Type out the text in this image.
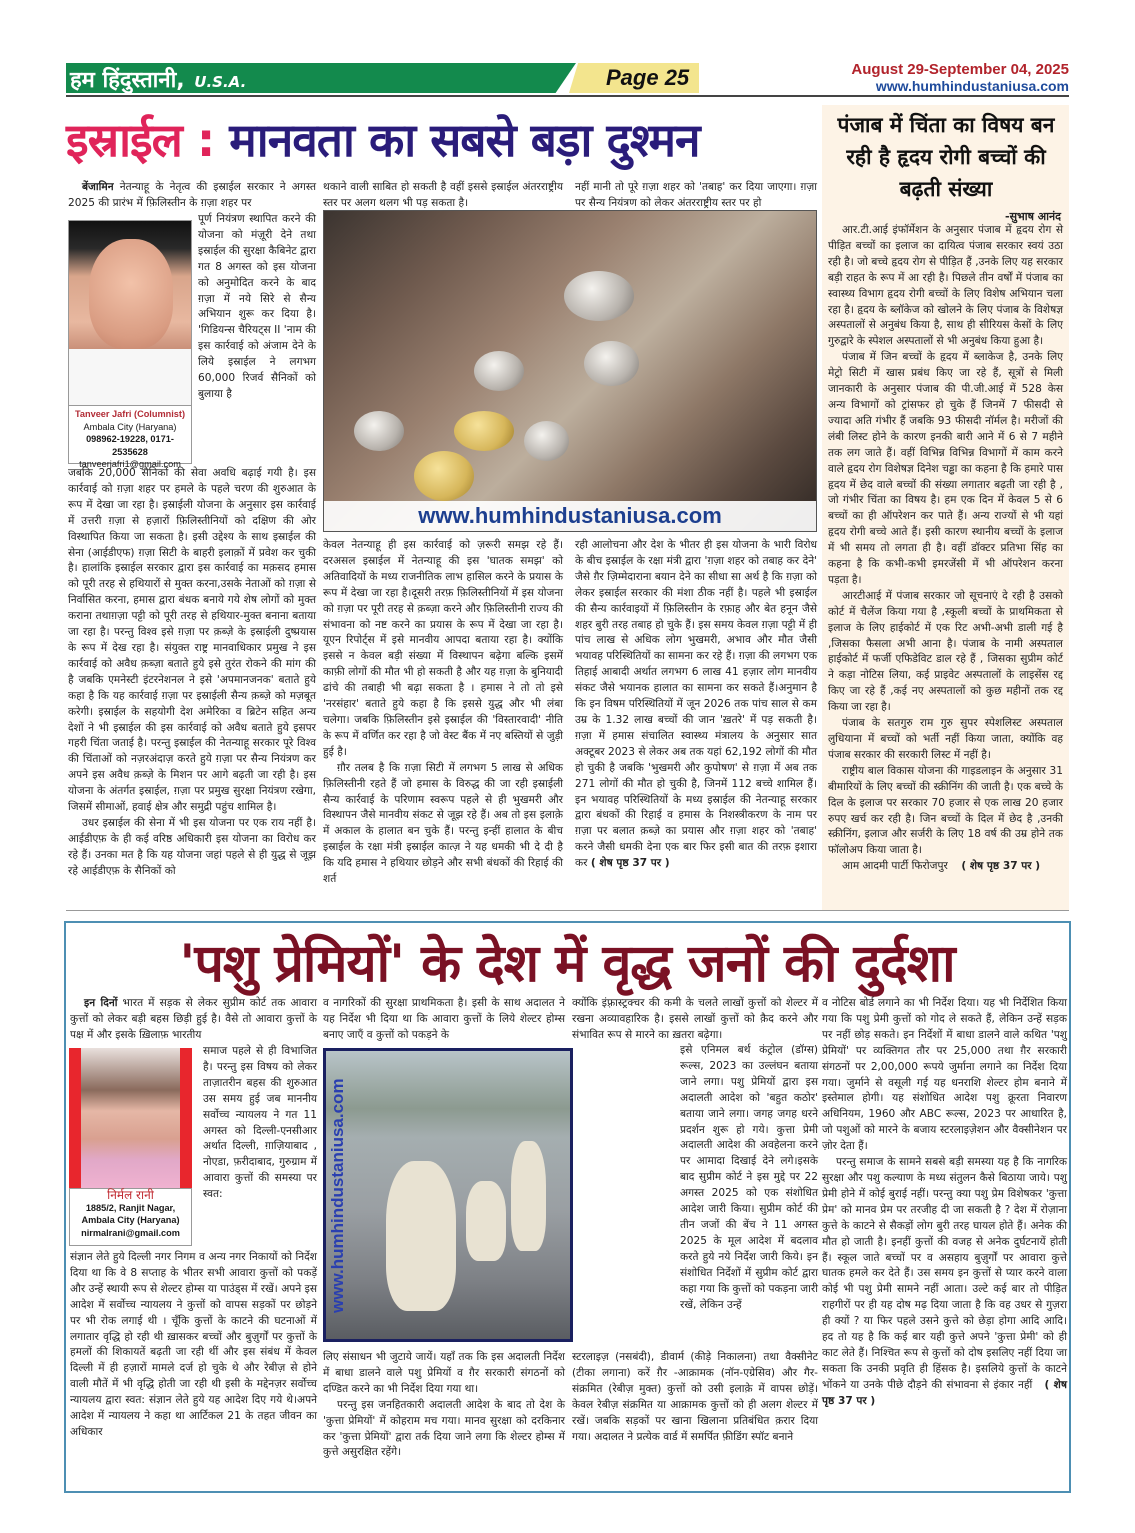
हम हिंदुस्तानी, U.S.A.	Page 25	August 29-September 04, 2025
www.humhindustaniusa.com
इस्राईल : मानवता का सबसे बड़ा दुश्मन

बेंजामिन नेतन्याहू के नेतृत्व की इस्राईल सरकार ने अगस्त 2025 की प्रारंभ में फ़िलिस्तीन के ग़ज़ा शहर पर

Tanveer Jafri (Columnist)
Ambala City (Haryana)
098962-19228, 0171-2535628
tanveerjafri1@gmail.com

पूर्ण नियंत्रण स्थापित करने की योजना को मंज़ूरी देने तथा इस्राईल की सुरक्षा कैबिनेट द्वारा गत 8 अगस्त को इस योजना को अनुमोदित करने के बाद ग़ज़ा में नये सिरे से सैन्य अभियान शुरू कर दिया है। 'गिडियन्स चैरियट्स II 'नाम की इस कार्रवाई को अंजाम देने के लिये इस्राईल ने लगभग 60,000 रिजर्व सैनिकों को बुलाया है

जबकि 20,000 सैनिकों की सेवा अवधि बढ़ाई गयी है। इस कार्रवाई को ग़ज़ा शहर पर हमले के पहले चरण की शुरुआत के रूप में देखा जा रहा है। इस्राईली योजना के अनुसार इस कार्रवाई में उत्तरी ग़ज़ा से हज़ारों फ़िलिस्तीनियों को दक्षिण की ओर विस्थापित किया जा सकता है। इसी उद्देश्य के साथ इस्राईल की सेना (आईडीएफ) ग़ज़ा सिटी के बाहरी इलाक़ों में प्रवेश कर चुकी है। हालांकि इस्राईल सरकार द्वारा इस कार्रवाई का मक़सद हमास को पूरी तरह से हथियारों से मुक्त करना,उसके नेताओं को ग़ज़ा से निर्वासित करना, हमास द्वारा बंधक बनाये गये शेष लोगों को मुक्त कराना तथाग़ज़ा पट्टी को पूरी तरह से हथियार-मुक्त बनाना बताया जा रहा है। परन्तु विश्व इसे ग़ज़ा पर क़ब्ज़े के इस्राईली दुष्प्रयास के रूप में देख रहा है। संयुक्त राष्ट्र मानवाधिकार प्रमुख ने इस कार्रवाई को अवैध क़ब्ज़ा बताते हुये इसे तुरंत रोकने की मांग की है जबकि एमनेस्टी इंटरनेशनल ने इसे 'अपमानजनक' बताते हुये कहा है कि यह कार्रवाई ग़ज़ा पर इस्राईली सैन्य क़ब्ज़े को मज़बूत करेगी। इस्राईल के सहयोगी देश अमेरिका व ब्रिटेन सहित अन्य देशों ने भी इस्राईल की इस कार्रवाई को अवैध बताते हुये इसपर गहरी चिंता जताई है। परन्तु इस्राईल की नेतन्याहू सरकार पूरे विश्व की चिंताओं को नज़रअंदाज़ करते हुये ग़ज़ा पर सैन्य नियंत्रण कर अपने इस अवैध क़ब्ज़े के मिशन पर आगे बढ़ती जा रही है। इस योजना के अंतर्गत इस्राईल, ग़ज़ा पर प्रमुख सुरक्षा नियंत्रण रखेगा, जिसमें सीमाओं, हवाई क्षेत्र और समुद्री पहुंच शामिल है।

उधर इस्राईल की सेना में भी इस योजना पर एक राय नहीं है। आईडीएफ़ के ही कई वरिष्ठ अधिकारी इस योजना का विरोध कर रहे हैं। उनका मत है कि यह योजना जहां पहले से ही युद्ध से जूझ रहे आईडीएफ़ के सैनिकों को

थकाने वाली साबित हो सकती है वहीं इससे इस्राईल अंतरराष्ट्रीय स्तर पर अलग थलग भी पड़ सकता है।

नहीं मानी तो पूरे ग़ज़ा शहर को 'तबाह' कर दिया जाएगा। ग़ज़ा पर सैन्य नियंत्रण को लेकर अंतरराष्ट्रीय स्तर पर हो

www.humhindustaniusa.com

केवल नेतन्याहू ही इस कार्रवाई को ज़रूरी समझ रहे हैं। दरअसल इस्राईल में नेतन्याहू की इस 'घातक समझ' को अतिवादियों के मध्य राजनीतिक लाभ हासिल करने के प्रयास के रूप में देखा जा रहा है।दूसरी तरफ़ फ़िलिस्तीनियों में इस योजना को ग़ज़ा पर पूरी तरह से क़ब्ज़ा करने और फ़िलिस्तीनी राज्य की संभावना को नष्ट करने का प्रयास के रूप में देखा जा रहा है। यूएन रिपोर्ट्स में इसे मानवीय आपदा बताया रहा है। क्योंकि इससे न केवल बड़ी संख्या में विस्थापन बढ़ेगा बल्कि इसमें काफ़ी लोगों की मौत भी हो सकती है और यह ग़ज़ा के बुनियादी ढांचे की तबाही भी बढ़ा सकता है । हमास ने तो तो इसे 'नरसंहार' बताते हुये कहा है कि इससे युद्ध और भी लंबा चलेगा। जबकि फ़िलिस्तीन इसे इस्राईल की 'विस्तारवादी' नीति के रूप में वर्णित कर रहा है जो वेस्ट बैंक में नए बस्तियों से जुड़ी हुई है।

ग़ौर तलब है कि ग़ज़ा सिटी में लगभग 5 लाख से अधिक फ़िलिस्तीनी रहते हैं जो हमास के विरुद्ध की जा रही इस्राईली सैन्य कार्रवाई के परिणाम स्वरूप पहले से ही भुखमरी और विस्थापन जैसे मानवीय संकट से जूझ रहे हैं। अब तो इस इलाक़े में अकाल के हालात बन चुके हैं। परन्तु इन्हीं हालात के बीच इस्राईल के रक्षा मंत्री इस्राईल कात्ज़ ने यह धमकी भी दे दी है कि यदि हमास ने हथियार छोड़ने और सभी बंधकों की रिहाई की शर्त

रही आलोचना और देश के भीतर ही इस योजना के भारी विरोध के बीच इस्राईल के रक्षा मंत्री द्वारा 'ग़ज़ा शहर को तबाह कर देने' जैसे ग़ैर ज़िम्मेदाराना बयान देने का सीधा सा अर्थ है कि ग़ज़ा को लेकर इस्राईल सरकार की मंशा ठीक नहीं है। पहले भी इस्राईल की सैन्य कार्रवाइयों में फ़िलिस्तीन के रफ़ाह और बेत हनून जैसे शहर बुरी तरह तबाह हो चुके हैं। इस समय केवल ग़ज़ा पट्टी में ही पांच लाख से अधिक लोग भुखमरी, अभाव और मौत जैसी भयावह परिस्थितियों का सामना कर रहे हैं। ग़ज़ा की लगभग एक तिहाई आबादी अर्थात लगभग 6 लाख 41 हज़ार लोग मानवीय संकट जैसे भयानक हालात का सामना कर सकते हैं।अनुमान है कि इन विषम परिस्थितियों में जून 2026 तक पांच साल से कम उम्र के 1.32 लाख बच्चों की जान 'ख़तरे' में पड़ सकती है। ग़ज़ा में हमास संचालित स्वास्थ्य मंत्रालय के अनुसार सात अक्टूबर 2023 से लेकर अब तक यहां 62,192 लोगों की मौत हो चुकी है जबकि 'भुखमरी और कुपोषण' से ग़ज़ा में अब तक 271 लोगों की मौत हो चुकी है, जिनमें 112 बच्चे शामिल हैं। इन भयावह परिस्थितियों के मध्य इस्राईल की नेतन्याहू सरकार द्वारा बंधकों की रिहाई व हमास के निशस्त्रीकरण के नाम पर ग़ज़ा पर बलात क़ब्ज़े का प्रयास और ग़ज़ा शहर को 'तबाह' करने जैसी धमकी देना एक बार फिर इसी बात की तरफ़ इशारा कर ( शेष पृष्ठ 37 पर )

पंजाब में चिंता का विषय बन रही है हृदय रोगी बच्चों की बढ़ती संख्या
-सुभाष आनंद

आर.टी.आई इंफॉर्मेशन के अनुसार पंजाब में हृदय रोग से पीड़ित बच्चों का इलाज का दायित्व पंजाब सरकार स्वयं उठा रही है। जो बच्चे हृदय रोग से पीड़ित हैं ,उनके लिए यह सरकार बड़ी राहत के रूप में आ रही है। पिछले तीन वर्षों में पंजाब का स्वास्थ्य विभाग हृदय रोगी बच्चों के लिए विशेष अभियान चला रहा है। हृदय के ब्लॉकेज को खोलने के लिए पंजाब के विशेषज्ञ अस्पतालों से अनुबंध किया है, साथ ही सीरियस केसों के लिए गुरुद्वारे के स्पेशल अस्पतालों से भी अनुबंध किया हुआ है।

पंजाब में जिन बच्चों के हृदय में ब्लाकेज है, उनके लिए मेट्रो सिटी में खास प्रबंध किए जा रहे हैं, सूत्रों से मिली जानकारी के अनुसार पंजाब की पी.जी.आई में 528 केस अन्य विभागों को ट्रांसफर हो चुके हैं जिनमें 7 फीसदी से ज्यादा अति गंभीर हैं जबकि 93 फीसदी नॉर्मल है। मरीजों की लंबी लिस्ट होने के कारण इनकी बारी आने में 6 से 7 महीने तक लग जाते हैं। वहीं विभिन्न विभिन्न विभागों में काम करने वाले हृदय रोग विशेषज्ञ दिनेश चड्ढा का कहना है कि हमारे पास हृदय में छेद वाले बच्चों की संख्या लगातार बढ़ती जा रही है , जो गंभीर चिंता का विषय है। हम एक दिन में केवल 5 से 6 बच्चों का ही ऑपरेशन कर पाते हैं। अन्य राज्यों से भी यहां हृदय रोगी बच्चे आते हैं। इसी कारण स्थानीय बच्चों के इलाज में भी समय तो लगता ही है। वहीं डॉक्टर प्रतिभा सिंह का कहना है कि कभी-कभी इमरजेंसी में भी ऑपरेशन करना पड़ता है।

आरटीआई में पंजाब सरकार जो सूचनाएं दे रही है उसको कोर्ट में चैलेंज किया गया है ,स्कूली बच्चों के प्राथमिकता से इलाज के लिए हाईकोर्ट में एक रिट अभी-अभी डाली गई है ,जिसका फैसला अभी आना है। पंजाब के नामी अस्पताल हाईकोर्ट में फर्जी एफिडेविट डाल रहे हैं , जिसका सुप्रीम कोर्ट ने कड़ा नोटिस लिया, कई प्राइवेट अस्पतालों के लाइसेंस रद्द किए जा रहे हैं ,कई नए अस्पतालों को कुछ महीनों तक रद्द किया जा रहा है।

पंजाब के सतगुरु राम गुरु सुपर स्पेशलिस्ट अस्पताल लुधियाना में बच्चों को भर्ती नहीं किया जाता, क्योंकि वह पंजाब सरकार की सरकारी लिस्ट में नहीं है।

राष्ट्रीय बाल विकास योजना की गाइडलाइन के अनुसार 31 बीमारियों के लिए बच्चों की स्क्रीनिंग की जाती है। एक बच्चे के दिल के इलाज पर सरकार 70 हजार से एक लाख 20 हजार रुपए खर्च कर रही है। जिन बच्चों के दिल में छेद है ,उनकी स्क्रीनिंग, इलाज और सर्जरी के लिए 18 वर्ष की उम्र होने तक फॉलोअप किया जाता है।

आम आदमी पार्टी फिरोजपुर ( शेष पृष्ठ 37 पर )

'पशु प्रेमियों' के देश में वृद्ध जनों की दुर्दशा

इन दिनों भारत में सड़क से लेकर सुप्रीम कोर्ट तक आवारा कुत्तों को लेकर बड़ी बहस छिड़ी हुई है। वैसे तो आवारा कुत्तों के पक्ष में और इसके ख़िलाफ़ भारतीय

निर्मल रानी
1885/2, Ranjit Nagar,
Ambala City (Haryana)
nirmalrani@gmail.com

समाज पहले से ही विभाजित है। परन्तु इस विषय को लेकर ताज़ातरीन बहस की शुरुआत उस समय हुई जब माननीय सर्वोच्च न्यायलय ने गत 11 अगस्त को दिल्ली-एनसीआर अर्थात दिल्ली, ग़ाज़ियाबाद , नोएडा, फ़रीदाबाद, गुरुग्राम में आवारा कुत्तों की समस्या पर स्वत:

संज्ञान लेते हुये दिल्ली नगर निगम व अन्य नगर निकायों को निर्देश दिया था कि वे 8 सप्ताह के भीतर सभी आवारा कुत्तों को पकड़ें और उन्हें स्थायी रूप से शेल्टर होम्स या पाउंड्स में रखें। अपने इस आदेश में सर्वोच्च न्यायलय ने कुत्तों को वापस सड़कों पर छोड़ने पर भी रोक लगाई थी । चूँकि कुत्तों के काटने की घटनाओं में लगातार वृद्धि हो रही थी ख़ासकर बच्चों और बुज़ुर्गों पर कुत्तों के हमलों की शिकायतें बढ़ती जा रही थीं और इस संबंध में केवल दिल्ली में ही हज़ारों मामले दर्ज हो चुके थे और रेबीज़ से होने वाली मौतें में भी वृद्धि होती जा रही थी इसी के मद्देनज़र सर्वोच्च न्यायलय द्वारा स्वत: संज्ञान लेते हुये यह आदेश दिए गये थे।अपने आदेश में न्यायलय ने कहा था आर्टिकल 21 के तहत जीवन का अधिकार

व नागरिकों की सुरक्षा प्राथमिकता है। इसी के साथ अदालत ने यह निर्देश भी दिया था कि आवारा कुत्तों के लिये शेल्टर होम्स बनाए जाएँ व कुत्तों को पकड़ने के

क्योंकि इंफ़्रास्ट्रक्चर की कमी के चलते लाखों कुत्तों को शेल्टर में रखना अव्यावहारिक है। इससे लाखों कुत्तों को क़ैद करने और संभावित रूप से मारने का ख़तरा बढ़ेगा।

www.humhindustaniusa.com

इसे एनिमल बर्थ कंट्रोल (डॉग्स) रूल्स, 2023 का उल्लंघन बताया जाने लगा। पशु प्रेमियों द्वारा इस अदालती आदेश को 'बहुत कठोर' बताया जाने लगा। जगह जगह धरने प्रदर्शन शुरू हो गये। कुत्ता प्रेमी अदालती आदेश की अवहेलना करने पर आमादा दिखाई देने लगे।इसके बाद सुप्रीम कोर्ट ने इस मुद्दे पर 22 अगस्त 2025 को एक संशोधित आदेश जारी किया। सुप्रीम कोर्ट की तीन जजों की बेंच ने 11 अगस्त 2025 के मूल आदेश में बदलाव करते हुये नये निर्देश जारी किये। इन संशोधित निर्देशों में सुप्रीम कोर्ट द्वारा कहा गया कि कुत्तों को पकड़ना जारी रखें, लेकिन उन्हें

लिए संसाधन भी जुटाये जायें। यहाँ तक कि इस अदालती निर्देश में बाधा डालने वाले पशु प्रेमियों व ग़ैर सरकारी संगठनों को दण्डित करने का भी निर्देश दिया गया था।

परन्तु इस जनहितकारी अदालती आदेश के बाद तो देश के 'कुत्ता प्रेमियों' में कोहराम मच गया। मानव सुरक्षा को दरकिनार कर 'कुत्ता प्रेमियों' द्वारा तर्क दिया जाने लगा कि शेल्टर होम्स में कुत्ते असुरक्षित रहेंगे।

स्टरलाइज़ (नसबंदी), डीवार्म (कीड़े निकालना) तथा वैक्सीनेट (टीका लगाना) करें ग़ैर -आक्रामक (नॉन-एग्रेसिव) और गैर-संक्रमित (रेबीज़ मुक्त) कुत्तों को उसी इलाक़े में वापस छोड़ें। केवल रेबीज़ संक्रमित या आक्रामक कुत्तों को ही अलग शेल्टर में रखें। जबकि सड़कों पर खाना खिलाना प्रतिबंधित क़रार दिया गया। अदालत ने प्रत्येक वार्ड में समर्पित फ़ीडिंग स्पॉट बनाने

व नोटिस बोर्ड लगाने का भी निर्देश दिया। यह भी निर्देशित किया गया कि पशु प्रेमी कुत्तों को गोद ले सकते हैं, लेकिन उन्हें सड़क पर नहीं छोड़ सकते। इन निर्देशों में बाधा डालने वाले कथित 'पशु प्रेमियों' पर व्यक्तिगत तौर पर 25,000 तथा ग़ैर सरकारी संगठनों पर 2,00,000 रूपये जुर्माना लगाने का निर्देश दिया गया। जुर्माने से वसूली गई यह धनराशि शेल्टर होम बनाने में इस्तेमाल होगी। यह संशोधित आदेश पशु क्रूरता निवारण अधिनियम, 1960 और ABC रूल्स, 2023 पर आधारित है, जो पशुओं को मारने के बजाय स्टरलाइज़ेशन और वैक्सीनेशन पर ज़ोर देता हैं।

परन्तु समाज के सामने सबसे बड़ी समस्या यह है कि नागरिक सुरक्षा और पशु कल्याण के मध्य संतुलन कैसे बिठाया जाये। पशु प्रेमी होने में कोई बुराई नहीं। परन्तु क्या पशु प्रेम विशेषकर 'कुत्ता प्रेम' को मानव प्रेम पर तरजीह दी जा सकती है ? देश में रोज़ाना कुत्ते के काटने से सैकड़ों लोग बुरी तरह घायल होते हैं। अनेक की मौत हो जाती है। इनहीं कुत्तों की वजह से अनेक दुर्घटनायें होती हैं। स्कूल जाते बच्चों पर व असहाय बुज़ुर्गों पर आवारा कुत्ते घातक हमले कर देते हैं। उस समय इन कुत्तों से प्यार करने वाला कोई भी पशु प्रेमी सामने नहीं आता। उल्टे कई बार तो पीड़ित राहगीरों पर ही यह दोष मढ़ दिया जाता है कि वह उधर से गुज़रा ही क्यों ? या फिर पहले उसने कुत्ते को छेड़ा होगा आदि आदि। हद तो यह है कि कई बार यही कुत्ते अपने 'कुत्ता प्रेमी' को ही काट लेते हैं। निश्चित रूप से कुत्तों को दोष इसलिए नहीं दिया जा सकता कि उनकी प्रवृति ही हिंसक है। इसलिये कुत्तों के काटने भोंकने या उनके पीछे दौड़ने की संभावना से इंकार नहीं ( शेष पृष्ठ 37 पर )
